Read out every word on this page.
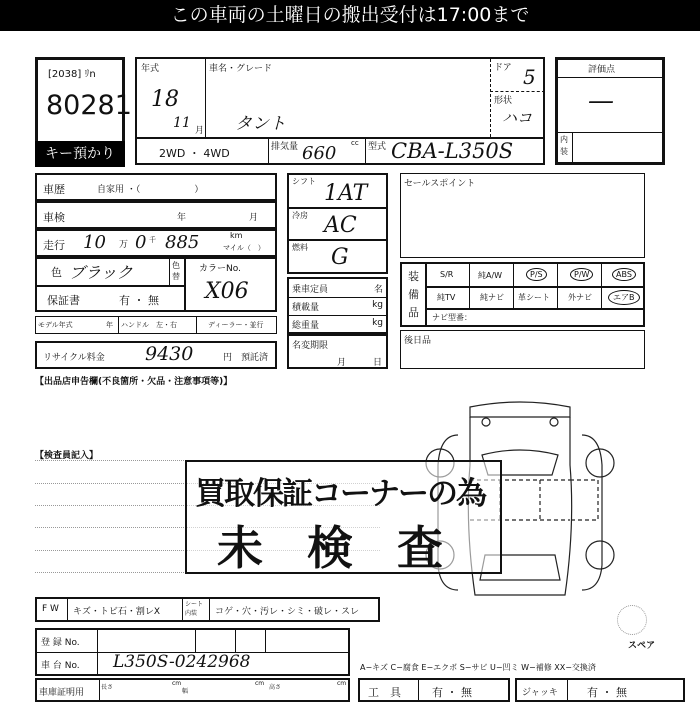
この車両の土曜日の搬出受付は17:00まで
[2038] ﾘn
80281
キー預かり
年式
18
11 月
車名・グレード
タント
ドア 5
形状
ハコ
2WD ・ 4WD	排気量 660 cc 型式 CBA-L350S
評価点
—
内装
車歴	自家用 ・（　　　　　　）
車検	年	月
走行 10 万 0 千 885	km
マイル（　）
色 ブラック	色替
カラーNo.
X06
保証書	有 ・ 無
モデル年式	年 ハンドル　左・右	ディーラー・並行
リサイクル料金 9430	円　預託済
【出品店申告欄(不良箇所・欠品・注意事項等)】
シフト 1AT
冷房 AC
燃料 G
乗車定員	名
積載量	kg
総重量	kg
名変期限
月	日
セールスポイント
装備品
S/R	純A/W	P/S	P/W	ABS
純TV	純ナビ 革シート 外ナビ	エアB
ナビ型番：
後日品
【検査員記入】
買取保証コーナーの為
未 検 査
F W キズ・トビ石・割レX
シート内装	コゲ・穴・汚レ・シミ・破レ・スレ
登 録 No.
車 台 No. L350S-0242968	A−キズ C−腐食 E−エクボ S−サビ U−凹ミ W−補修 XX−交換済
車庫証明用
長さ
cm
幅
cm
高さ
cm
工　具	有 ・ 無	ジャッキ	有 ・ 無
スペア
